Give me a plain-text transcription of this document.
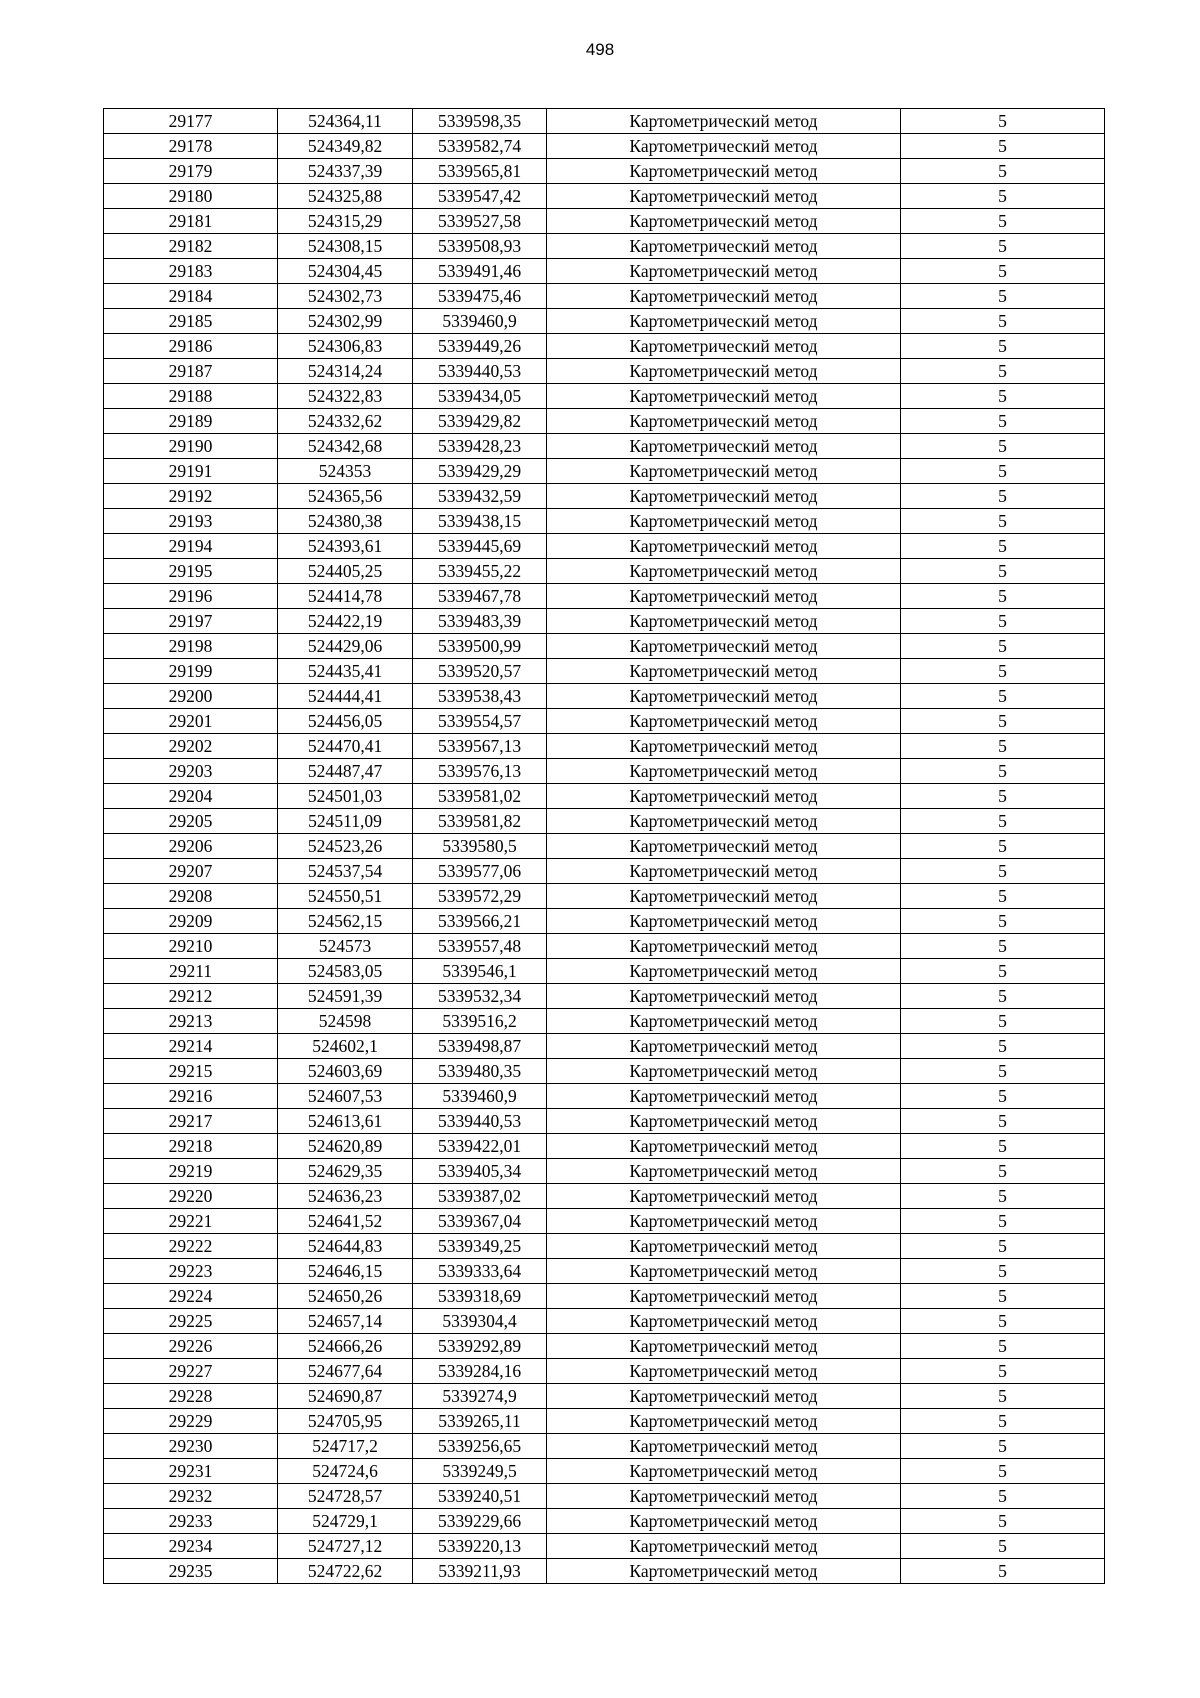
498
29177	524364,11	5339598,35	Картометрический метод	5
29178	524349,82	5339582,74	Картометрический метод	5
29179	524337,39	5339565,81	Картометрический метод	5
29180	524325,88	5339547,42	Картометрический метод	5
29181	524315,29	5339527,58	Картометрический метод	5
29182	524308,15	5339508,93	Картометрический метод	5
29183	524304,45	5339491,46	Картометрический метод	5
29184	524302,73	5339475,46	Картометрический метод	5
29185	524302,99	5339460,9	Картометрический метод	5
29186	524306,83	5339449,26	Картометрический метод	5
29187	524314,24	5339440,53	Картометрический метод	5
29188	524322,83	5339434,05	Картометрический метод	5
29189	524332,62	5339429,82	Картометрический метод	5
29190	524342,68	5339428,23	Картометрический метод	5
29191	524353	5339429,29	Картометрический метод	5
29192	524365,56	5339432,59	Картометрический метод	5
29193	524380,38	5339438,15	Картометрический метод	5
29194	524393,61	5339445,69	Картометрический метод	5
29195	524405,25	5339455,22	Картометрический метод	5
29196	524414,78	5339467,78	Картометрический метод	5
29197	524422,19	5339483,39	Картометрический метод	5
29198	524429,06	5339500,99	Картометрический метод	5
29199	524435,41	5339520,57	Картометрический метод	5
29200	524444,41	5339538,43	Картометрический метод	5
29201	524456,05	5339554,57	Картометрический метод	5
29202	524470,41	5339567,13	Картометрический метод	5
29203	524487,47	5339576,13	Картометрический метод	5
29204	524501,03	5339581,02	Картометрический метод	5
29205	524511,09	5339581,82	Картометрический метод	5
29206	524523,26	5339580,5	Картометрический метод	5
29207	524537,54	5339577,06	Картометрический метод	5
29208	524550,51	5339572,29	Картометрический метод	5
29209	524562,15	5339566,21	Картометрический метод	5
29210	524573	5339557,48	Картометрический метод	5
29211	524583,05	5339546,1	Картометрический метод	5
29212	524591,39	5339532,34	Картометрический метод	5
29213	524598	5339516,2	Картометрический метод	5
29214	524602,1	5339498,87	Картометрический метод	5
29215	524603,69	5339480,35	Картометрический метод	5
29216	524607,53	5339460,9	Картометрический метод	5
29217	524613,61	5339440,53	Картометрический метод	5
29218	524620,89	5339422,01	Картометрический метод	5
29219	524629,35	5339405,34	Картометрический метод	5
29220	524636,23	5339387,02	Картометрический метод	5
29221	524641,52	5339367,04	Картометрический метод	5
29222	524644,83	5339349,25	Картометрический метод	5
29223	524646,15	5339333,64	Картометрический метод	5
29224	524650,26	5339318,69	Картометрический метод	5
29225	524657,14	5339304,4	Картометрический метод	5
29226	524666,26	5339292,89	Картометрический метод	5
29227	524677,64	5339284,16	Картометрический метод	5
29228	524690,87	5339274,9	Картометрический метод	5
29229	524705,95	5339265,11	Картометрический метод	5
29230	524717,2	5339256,65	Картометрический метод	5
29231	524724,6	5339249,5	Картометрический метод	5
29232	524728,57	5339240,51	Картометрический метод	5
29233	524729,1	5339229,66	Картометрический метод	5
29234	524727,12	5339220,13	Картометрический метод	5
29235	524722,62	5339211,93	Картометрический метод	5
